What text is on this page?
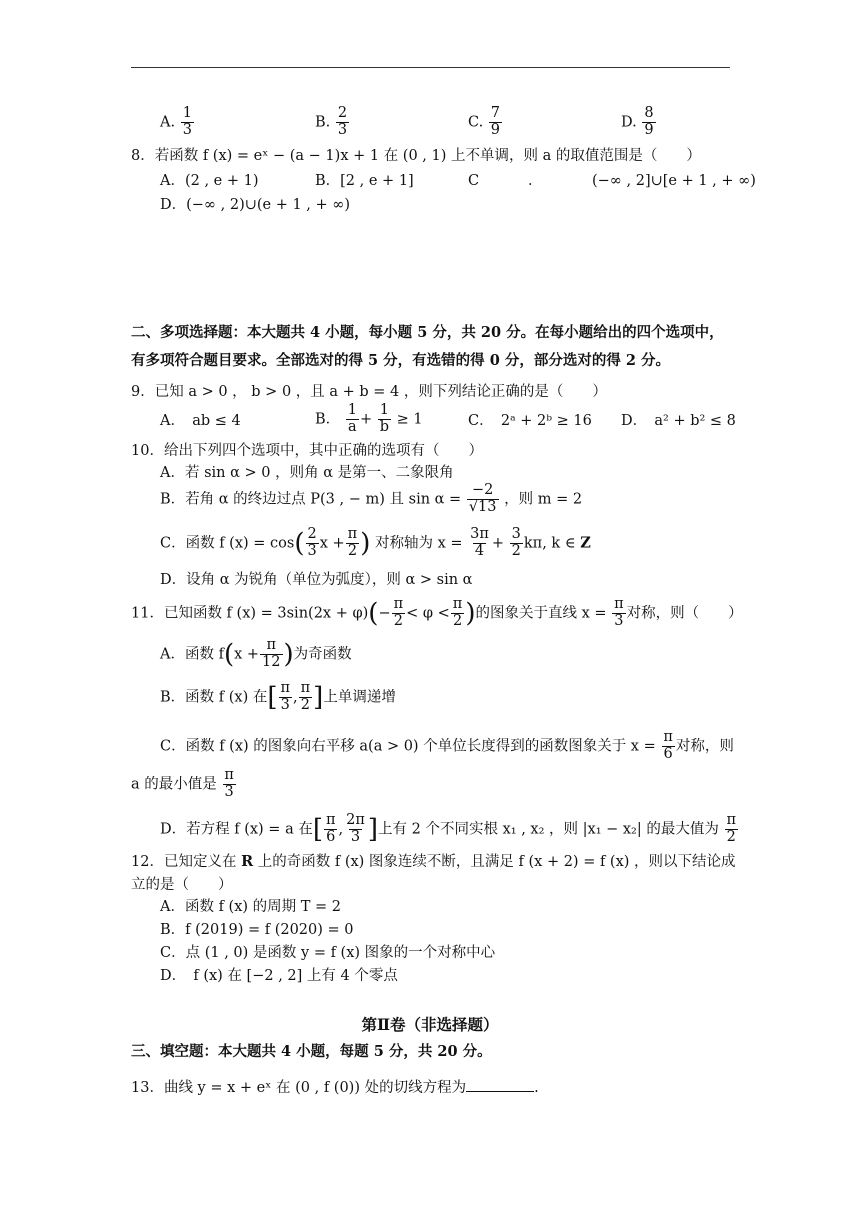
A. $\frac{1}{3}$	B. $\frac{2}{3}$	C. $\frac{7}{9}$	D. $\frac{8}{9}$
8．若函数 f (x) = eˣ − (a − 1)x + 1 在 (0 , 1) 上不单调，则 a 的取值范围是（　　）
A．(2 , e + 1)	B．[2 , e + 1]	C	．	(−∞ , 2]∪[e + 1 , + ∞)
D．(−∞ , 2)∪(e + 1 , + ∞)
二、多项选择题：本大题共 4 小题，每小题 5 分，共 20 分。在每小题给出的四个选项中，
有多项符合题目要求。全部选对的得 5 分，有选错的得 0 分，部分选对的得 2 分。
9．已知 a > 0 ， b > 0 ，且 a + b = 4 ，则下列结论正确的是（　　）
A．　ab ≤ 4	B． $\frac{1}{a} + \frac{1}{b} \ge 1$	C．　2ᵃ + 2ᵇ ≥ 16 D．　a² + b² ≤ 8
10．给出下列四个选项中，其中正确的选项有（　　）
A．若 sin α > 0 ，则角 α 是第一、二象限角
B．若角 α 的终边过点 P(3 , − m) 且 $\sin \alpha = \frac{-2}{√13}$ ，则 m = 2
C．函数 f $(x) = \cos( \frac{2}{3}$ $x + \frac{\pi}{2}$ ) 对称轴为 $x = \frac{3\pi}{4} + \frac{3}{2} k\pi$, k ∈ Z
D．设角 α 为锐角（单位为弧度），则 α > sin α
11．已知函数 f $(x) = 3\sin(2x + \varphi)(- \frac{\pi}{2} < \varphi < \frac{\pi}{2}$ )的图象关于直线 $x = \frac{\pi}{3}$ 对称，则（　　）
A．函数 $f(x + \frac{\pi}{12}$ )为奇函数
B．函数 f (x) 在[ $\frac{\pi}{3}$ , $\frac{\pi}{2}$ ]上单调递增
C．函数 f (x) 的图象向右平移 a(a > 0) 个单位长度得到的函数图象关于 $x = \frac{\pi}{6}$ 对称，则
a 的最小值是 $\frac{\pi}{3}$
D．若方程 f (x) = a 在[ $\frac{\pi}{6}$ , $\frac{2\pi}{3}$ ]上有 2 个不同实根 x₁ , x₂ ，则 |x₁ − x₂| 的最大值为 $\frac{\pi}{2}$
12．已知定义在 R 上的奇函数 f (x) 图象连续不断，且满足 f (x + 2) = f (x) ，则以下结论成
立的是（　　）
A．函数 f (x) 的周期 T = 2
B．f (2019) = f (2020) = 0
C．点 (1 , 0) 是函数 y = f (x) 图象的一个对称中心
D．　f (x) 在 [−2 , 2] 上有 4 个零点
第Ⅱ卷（非选择题）
三、填空题：本大题共 4 小题，每题 5 分，共 20 分。
13．曲线 y = x + eˣ 在 (0 , f (0)) 处的切线方程为	.
